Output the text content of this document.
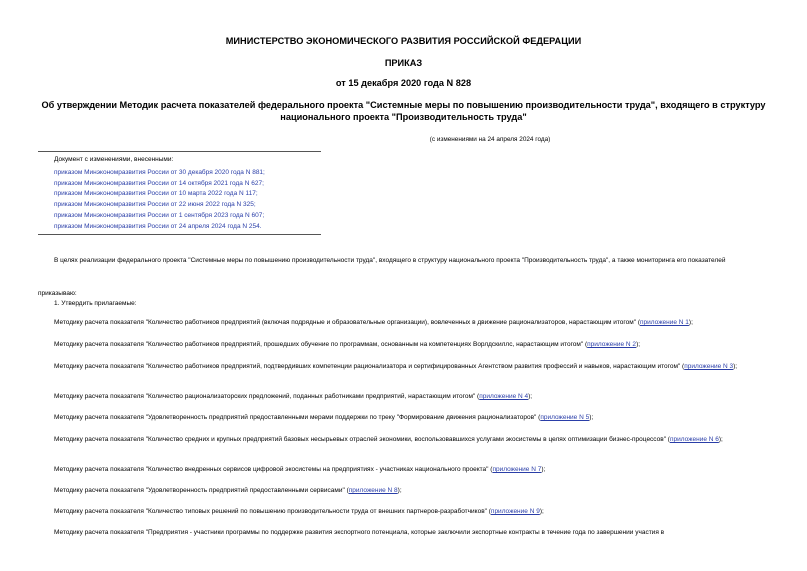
МИНИСТЕРСТВО ЭКОНОМИЧЕСКОГО РАЗВИТИЯ РОССИЙСКОЙ ФЕДЕРАЦИИ
ПРИКАЗ
от 15 декабря 2020 года N 828
Об утверждении Методик расчета показателей федерального проекта "Системные меры по повышению производительности труда", входящего в структуру национального проекта "Производительность труда"
(с изменениями на 24 апреля 2024 года)
Документ с изменениями, внесенными:
приказом Минэкономразвития России от 30 декабря 2020 года N 881;
приказом Минэкономразвития России от 14 октября 2021 года N 627;
приказом Минэкономразвития России от 10 марта 2022 года N 117;
приказом Минэкономразвития России от 22 июня 2022 года N 325;
приказом Минэкономразвития России от 1 сентября 2023 года N 607;
приказом Минэкономразвития России от 24 апреля 2024 года N 254.
В целях реализации федерального проекта "Системные меры по повышению производительности труда", входящего в структуру национального проекта "Производительность труда", а также мониторинга его показателей
приказываю:
1. Утвердить прилагаемые:
Методику расчета показателя "Количество работников предприятий (включая подрядные и образовательные организации), вовлеченных в движение рационализаторов, нарастающим итогом" (приложение N 1);
Методику расчета показателя "Количество работников предприятий, прошедших обучение по программам, основанным на компетенциях Ворлдскиллс, нарастающим итогом" (приложение N 2);
Методику расчета показателя "Количество работников предприятий, подтвердивших компетенции рационализатора и сертифицированных Агентством развития профессий и навыков, нарастающим итогом" (приложение N 3);
Методику расчета показателя "Количество рационализаторских предложений, поданных работниками предприятий, нарастающим итогом" (приложение N 4);
Методику расчета показателя "Удовлетворенность предприятий предоставленными мерами поддержки по треку "Формирование движения рационализаторов" (приложение N 5);
Методику расчета показателя "Количество средних и крупных предприятий базовых несырьевых отраслей экономики, воспользовавшихся услугами экосистемы в целях оптимизации бизнес-процессов" (приложение N 6);
Методику расчета показателя "Количество внедренных сервисов цифровой экосистемы на предприятиях - участниках национального проекта" (приложение N 7);
Методику расчета показателя "Удовлетворенность предприятий предоставленными сервисами" (приложение N 8);
Методику расчета показателя "Количество типовых решений по повышению производительности труда от внешних партнеров-разработчиков" (приложение N 9);
Методику расчета показателя "Предприятия - участники программы по поддержке развития экспортного потенциала, которые заключили экспортные контракты в течение года по завершении участия в
